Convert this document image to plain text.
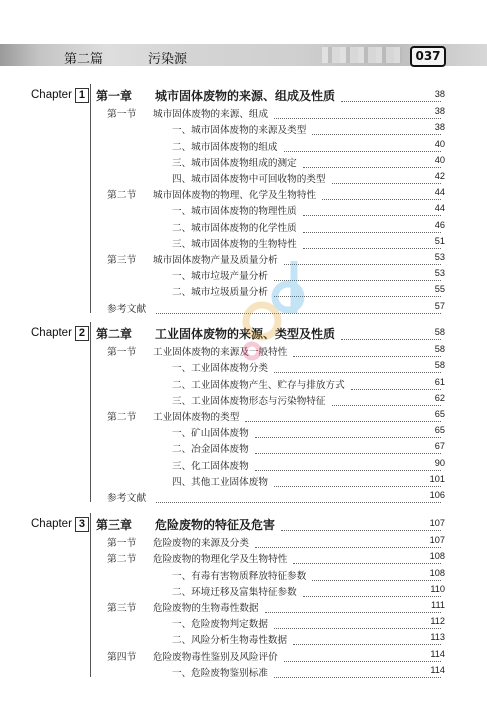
第二篇	污染源	037
Chapter 1 第一章 城市固体废物的来源、组成及性质	38
第一节 城市固体废物的来源、组成	38
一、城市固体废物的来源及类型	38
二、城市固体废物的组成	40
三、城市固体废物组成的测定	40
四、城市固体废物中可回收物的类型	42
第二节 城市固体废物的物理、化学及生物特性	44
一、城市固体废物的物理性质	44
二、城市固体废物的化学性质	46
三、城市固体废物的生物特性	51
第三节 城市固体废物产量及质量分析	53
一、城市垃圾产量分析	53
二、城市垃圾质量分析	55
参考文献	57
Chapter 2 第二章 工业固体废物的来源、类型及性质	58
第一节 工业固体废物的来源及一般特性	58
一、工业固体废物分类	58
二、工业固体废物产生、贮存与排放方式	61
三、工业固体废物形态与污染物特征	62
第二节 工业固体废物的类型	65
一、矿山固体废物	65
二、冶金固体废物	67
三、化工固体废物	90
四、其他工业固体废物	101
参考文献	106
Chapter 3 第三章 危险废物的特征及危害	107
第一节 危险废物的来源及分类	107
第二节 危险废物的物理化学及生物特性	108
一、有毒有害物质释放特征参数	108
二、环境迁移及富集特征参数	110
第三节 危险废物的生物毒性数据	111
一、危险废物判定数据	112
二、风险分析生物毒性数据	113
第四节 危险废物毒性鉴别及风险评价	114
一、危险废物鉴别标准	114
